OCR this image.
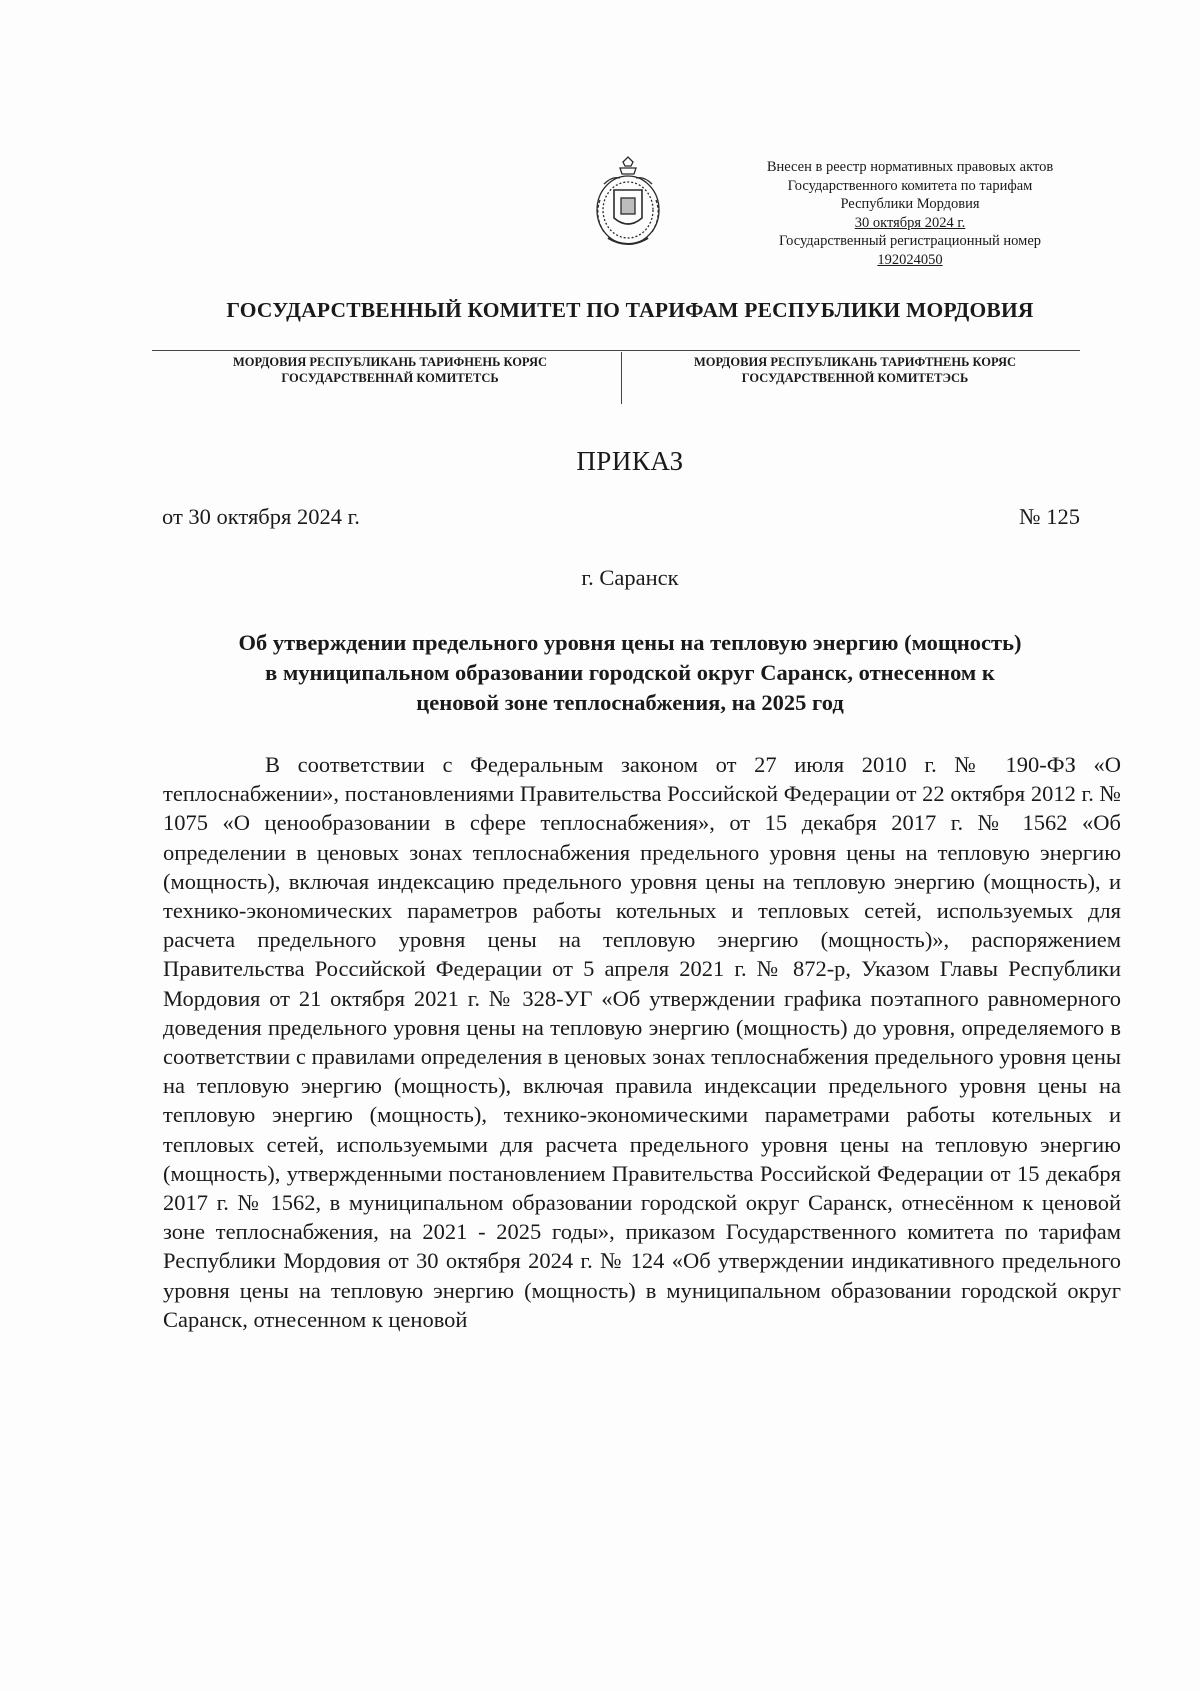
Внесен в реестр нормативных правовых актов
Государственного комитета по тарифам
Республики Мордовия
30 октября 2024 г.
Государственный регистрационный номер
192024050
ГОСУДАРСТВЕННЫЙ КОМИТЕТ ПО ТАРИФАМ РЕСПУБЛИКИ МОРДОВИЯ
МОРДОВИЯ РЕСПУБЛИКАНЬ ТАРИФНЕНЬ КОРЯС
ГОСУДАРСТВЕННАЙ КОМИТЕТСЬ
МОРДОВИЯ РЕСПУБЛИКАНЬ ТАРИФТНЕНЬ КОРЯС
ГОСУДАРСТВЕННОЙ КОМИТЕТЭСЬ
ПРИКАЗ
от 30 октября 2024 г.	№ 125
г. Саранск
Об утверждении предельного уровня цены на тепловую энергию (мощность)
в муниципальном образовании городской округ Саранск, отнесенном к
ценовой зоне теплоснабжения, на 2025 год
В соответствии с Федеральным законом от 27 июля 2010 г. № 190-ФЗ «О теплоснабжении», постановлениями Правительства Российской Федерации от 22 октября 2012 г. № 1075 «О ценообразовании в сфере теплоснабжения», от 15 декабря 2017 г. № 1562 «Об определении в ценовых зонах теплоснабжения предельного уровня цены на тепловую энергию (мощность), включая индексацию предельного уровня цены на тепловую энергию (мощность), и технико-экономических параметров работы котельных и тепловых сетей, используемых для расчета предельного уровня цены на тепловую энергию (мощность)», распоряжением Правительства Российской Федерации от 5 апреля 2021 г. № 872-р, Указом Главы Республики Мордовия от 21 октября 2021 г. № 328-УГ «Об утверждении графика поэтапного равномерного доведения предельного уровня цены на тепловую энергию (мощность) до уровня, определяемого в соответствии с правилами определения в ценовых зонах теплоснабжения предельного уровня цены на тепловую энергию (мощность), включая правила индексации предельного уровня цены на тепловую энергию (мощность), технико-экономическими параметрами работы котельных и тепловых сетей, используемыми для расчета предельного уровня цены на тепловую энергию (мощность), утвержденными постановлением Правительства Российской Федерации от 15 декабря 2017 г. № 1562, в муниципальном образовании городской округ Саранск, отнесённом к ценовой зоне теплоснабжения, на 2021 - 2025 годы», приказом Государственного комитета по тарифам Республики Мордовия от 30 октября 2024 г. № 124 «Об утверждении индикативного предельного уровня цены на тепловую энергию (мощность) в муниципальном образовании городской округ Саранск, отнесенном к ценовой
